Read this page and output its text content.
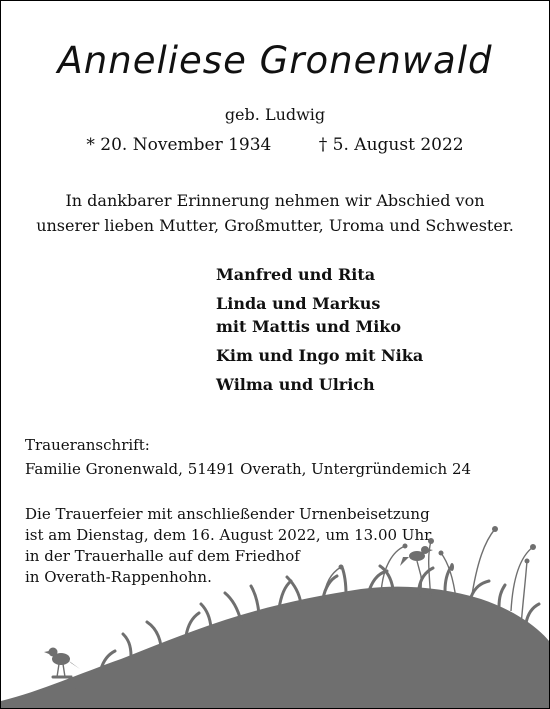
Anneliese Gronenwald
geb. Ludwig
* 20. November 1934	† 5. August 2022
In dankbarer Erinnerung nehmen wir Abschied von
unserer lieben Mutter, Großmutter, Uroma und Schwester.
Manfred und Rita
Linda und Markus
mit Mattis und Miko
Kim und Ingo mit Nika
Wilma und Ulrich
Traueranschrift:
Familie Gronenwald, 51491 Overath, Untergründemich 24
Die Trauerfeier mit anschließender Urnenbeisetzung
ist am Dienstag, dem 16. August 2022, um 13.00 Uhr
in der Trauerhalle auf dem Friedhof
in Overath-Rappenhohn.
